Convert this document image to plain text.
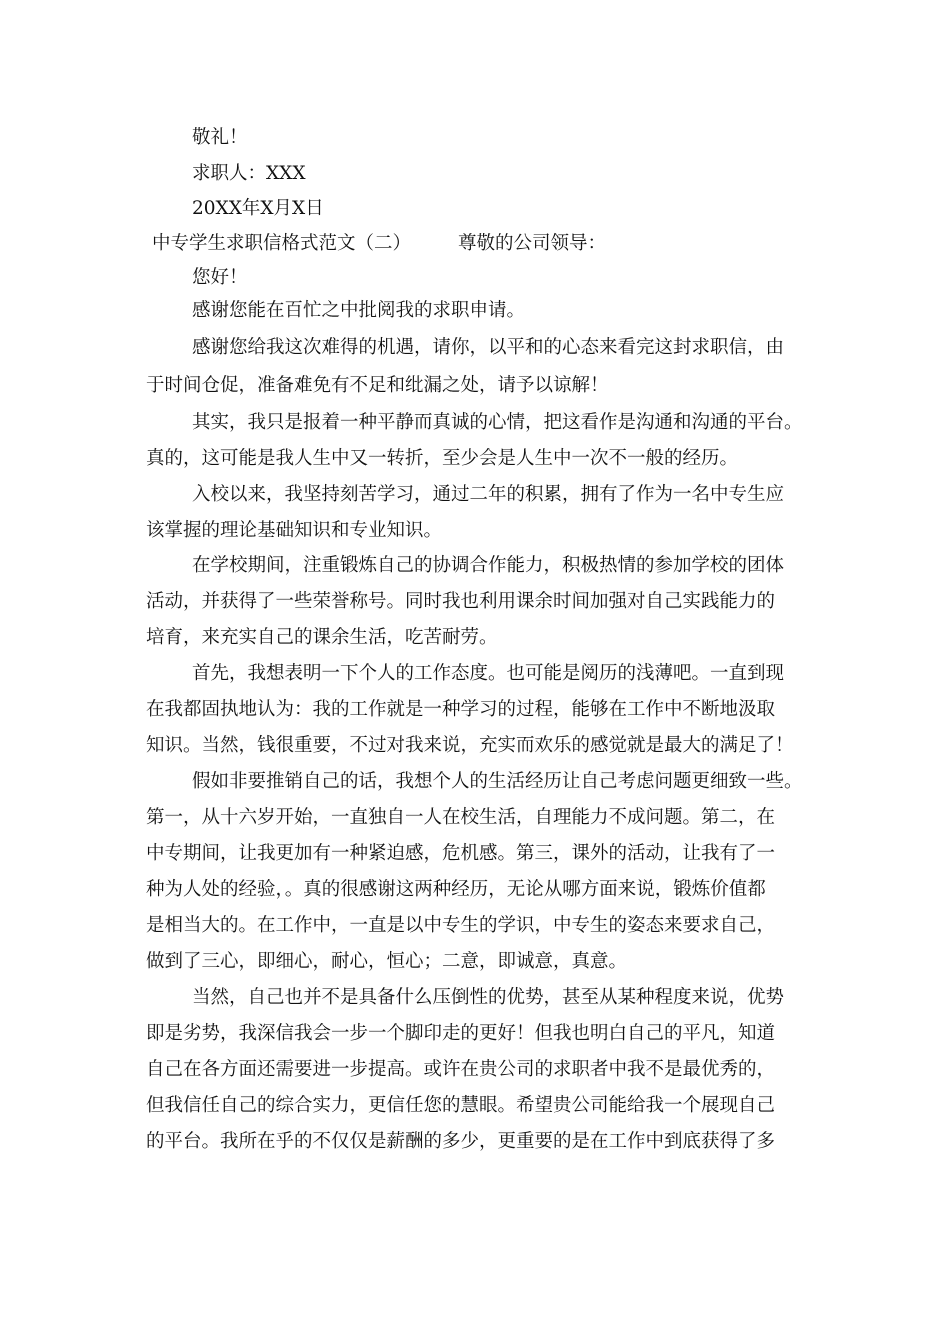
敬礼！
求职人：XXX
20XX年X月X日
中专学生求职信格式范文（二）	尊敬的公司领导：
您好！
感谢您能在百忙之中批阅我的求职申请。
感谢您给我这次难得的机遇，请你，以平和的心态来看完这封求职信，由
于时间仓促，准备难免有不足和纰漏之处，请予以谅解！
其实，我只是报着一种平静而真诚的心情，把这看作是沟通和沟通的平台。
真的，这可能是我人生中又一转折，至少会是人生中一次不一般的经历。
入校以来，我坚持刻苦学习，通过二年的积累，拥有了作为一名中专生应
该掌握的理论基础知识和专业知识。
在学校期间，注重锻炼自己的协调合作能力，积极热情的参加学校的团体
活动，并获得了一些荣誉称号。同时我也利用课余时间加强对自己实践能力的
培育，来充实自己的课余生活，吃苦耐劳。
首先，我想表明一下个人的工作态度。也可能是阅历的浅薄吧。一直到现
在我都固执地认为：我的工作就是一种学习的过程，能够在工作中不断地汲取
知识。当然，钱很重要，不过对我来说，充实而欢乐的感觉就是最大的满足了！
假如非要推销自己的话，我想个人的生活经历让自己考虑问题更细致一些。
第一，从十六岁开始，一直独自一人在校生活，自理能力不成问题。第二，在
中专期间，让我更加有一种紧迫感，危机感。第三，课外的活动，让我有了一
种为人处的经验，。真的很感谢这两种经历，无论从哪方面来说，锻炼价值都
是相当大的。在工作中，一直是以中专生的学识，中专生的姿态来要求自己，
做到了三心，即细心，耐心，恒心；二意，即诚意，真意。
当然，自己也并不是具备什么压倒性的优势，甚至从某种程度来说，优势
即是劣势，我深信我会一步一个脚印走的更好！但我也明白自己的平凡，知道
自己在各方面还需要进一步提高。或许在贵公司的求职者中我不是最优秀的，
但我信任自己的综合实力，更信任您的慧眼。希望贵公司能给我一个展现自己
的平台。我所在乎的不仅仅是薪酬的多少，更重要的是在工作中到底获得了多
